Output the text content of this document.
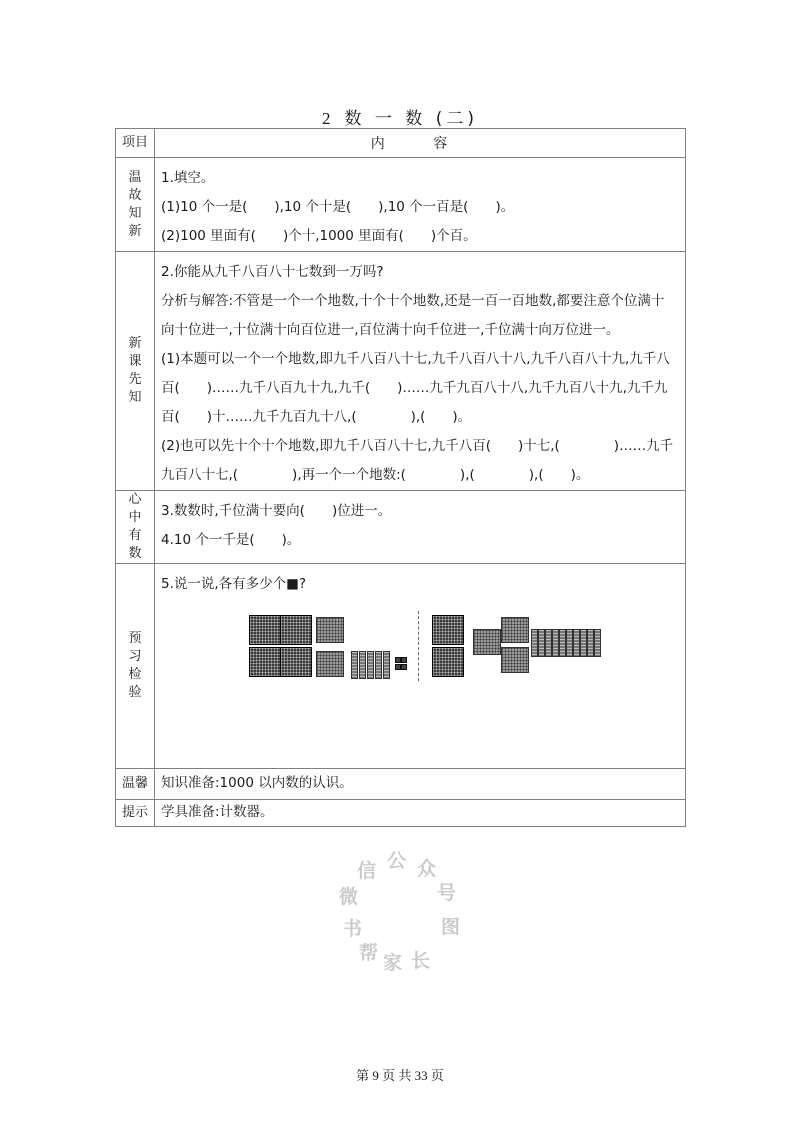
2 数 一 数 (二)
项目	内 容
温故知新	1.填空。

(1)10 个一是(　　),10 个十是(　　),10 个一百是(　　)。

(2)100 里面有(　　)个十,1000 里面有(　　)个百。

新课先知	2.你能从九千八百八十七数到一万吗?

分析与解答:不管是一个一个地数,十个十个地数,还是一百一百地数,都要注意个位满十向十位进一,十位满十向百位进一,百位满十向千位进一,千位满十向万位进一。

(1)本题可以一个一个地数,即九千八百八十七,九千八百八十八,九千八百八十九,九千八百(　　)……九千八百九十九,九千(　　)……九千九百八十八,九千九百八十九,九千九百(　　)十……九千九百九十八,(　　　　),(　　)。

(2)也可以先十个十个地数,即九千八百八十七,九千八百(　　)十七,(　　　　)……九千九百八十七,(　　　　),再一个一个地数:(　　　　),(　　　　),(　　)。

心中有数	3.数数时,千位满十要向(　　)位进一。

4.10 个一千是(　　)。

预习检验	5.说一说,各有多少个■?

温馨	知识准备:1000 以内数的认识。
提示	学具准备:计数器。
微
信 公 众
号
图
书
家 长
帮
第 9 页 共 33 页
